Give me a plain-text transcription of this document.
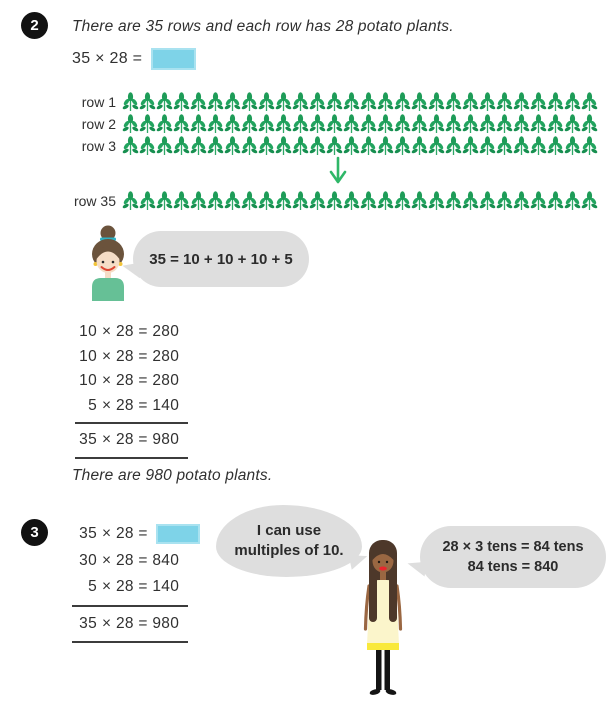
2 There are 35 rows and each row has 28 potato plants.
35 × 28 =
row 1
row 2
row 3
row 35
35 = 10 + 10 + 10 + 5
10 × 28 = 280
10 × 28 = 280
10 × 28 = 280
5 × 28 = 140
35 × 28 = 980
There are 980 potato plants.
3	35 × 28 =
30 × 28 = 840
5 × 28 = 140
35 × 28 = 980
I can use
multiples of 10.	28 × 3 tens = 84 tens
84 tens = 840
